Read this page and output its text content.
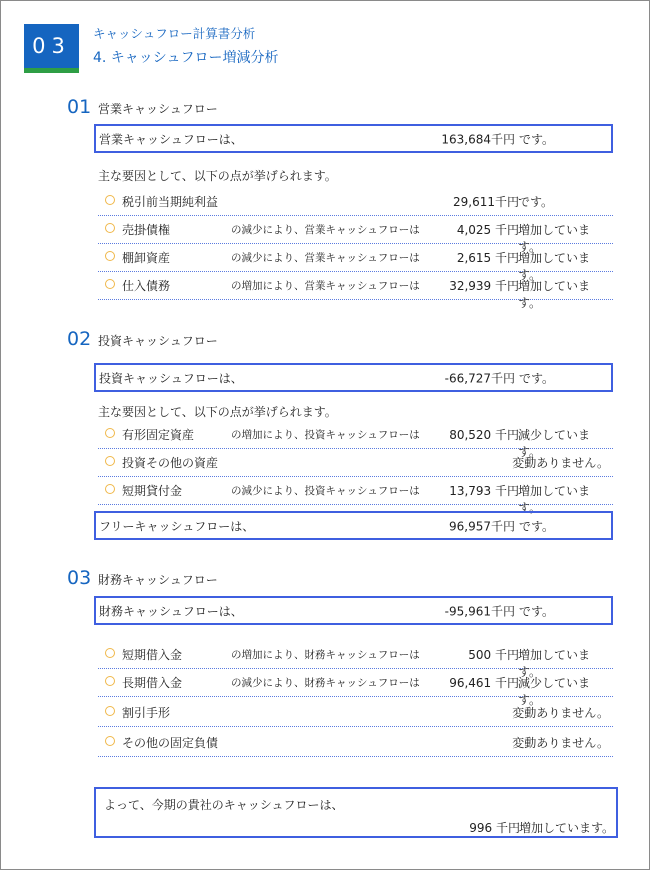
03
キャッシュフロー計算書分析
4. キャッシュフロー増減分析
01 営業キャッシュフロー
営業キャッシュフローは、	163,684千円 です。
主な要因として、以下の点が挙げられます。
税引前当期純利益	29,611千円 です。
売掛債権	の減少により、営業キャッシュフローは	4,025 千円 増加しています。
棚卸資産	の減少により、営業キャッシュフローは	2,615 千円 増加しています。
仕入債務	の増加により、営業キャッシュフローは 32,939 千円 増加しています。
02 投資キャッシュフロー
投資キャッシュフローは、	-66,727千円 です。
主な要因として、以下の点が挙げられます。
有形固定資産	の増加により、投資キャッシュフローは 80,520 千円 減少しています。
投資その他の資産	変動ありません。
短期貸付金	の減少により、投資キャッシュフローは 13,793 千円 増加しています。
フリーキャッシュフローは、	96,957千円 です。
03 財務キャッシュフロー
財務キャッシュフローは、	-95,961千円 です。
短期借入金	の増加により、財務キャッシュフローは	500 千円 増加しています。
長期借入金	の減少により、財務キャッシュフローは 96,461 千円 減少しています。
割引手形	変動ありません。
その他の固定負債	変動ありません。
よって、今期の貴社のキャッシュフローは、
996 千円 増加しています。
